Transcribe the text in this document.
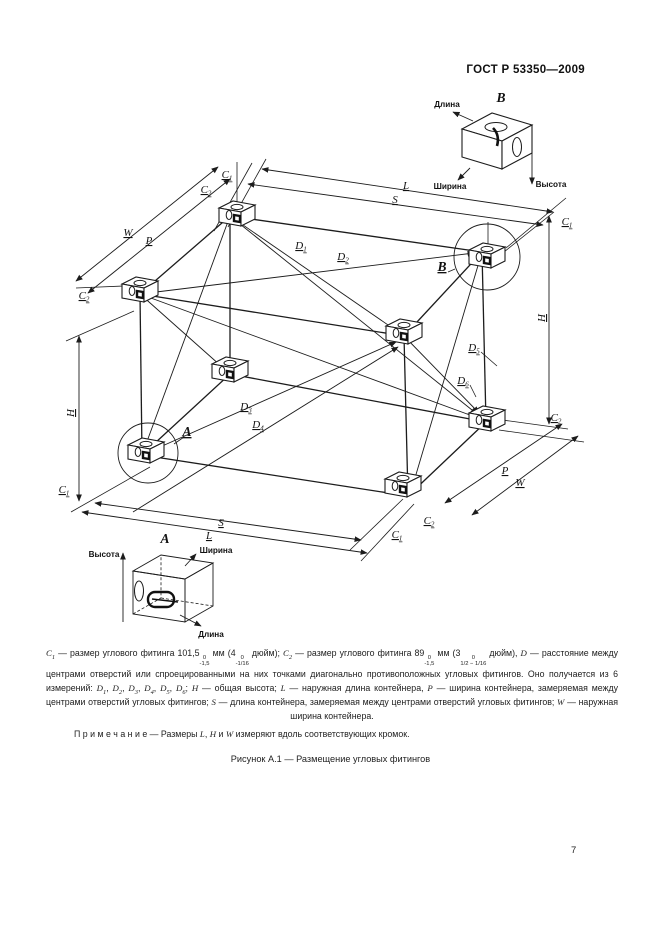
ГОСТ Р 53350—2009
L
S
W
P
H
H
S
L
P
W
$C_1$
$C_2$
$C_2$
$C_1$
$C_1$
$C_2$
$C_2$
$C_1$
$D_1$
$D_2$
$D_3$
$D_4$
$D_5$
$D_6$
A
B
Длина
Ширина	Высота
B
Высота	Ширина
Длина
A
$C_1$ — размер углового фитинга 101,5 0
-1,5
мм (4 0
-1/16
дюйм); $C_2$ — размер углового фитинга 89 0
-1,5
мм (3	0
1/2 − 1/16
дюйм), D — расстояние между центрами отверстий или спроецированными на них точками диагонально противоположных угловых фитингов. Оно получается из 6 измерений: $D_1$, $D_2$, $D_3$, $D_4$, $D_5$, $D_6$; H — общая высота; L — наружная длина контейнера, P — ширина контейнера, замеряемая между центрами отверстий угловых фитингов; S — длина контейнера, замеряемая между центрами отверстий угловых фитингов; W — наружная ширина контейнера.
П р и м е ч а н и е — Размеры L, H и W измеряют вдоль соответствующих кромок.
Рисунок А.1 — Размещение угловых фитингов
7
